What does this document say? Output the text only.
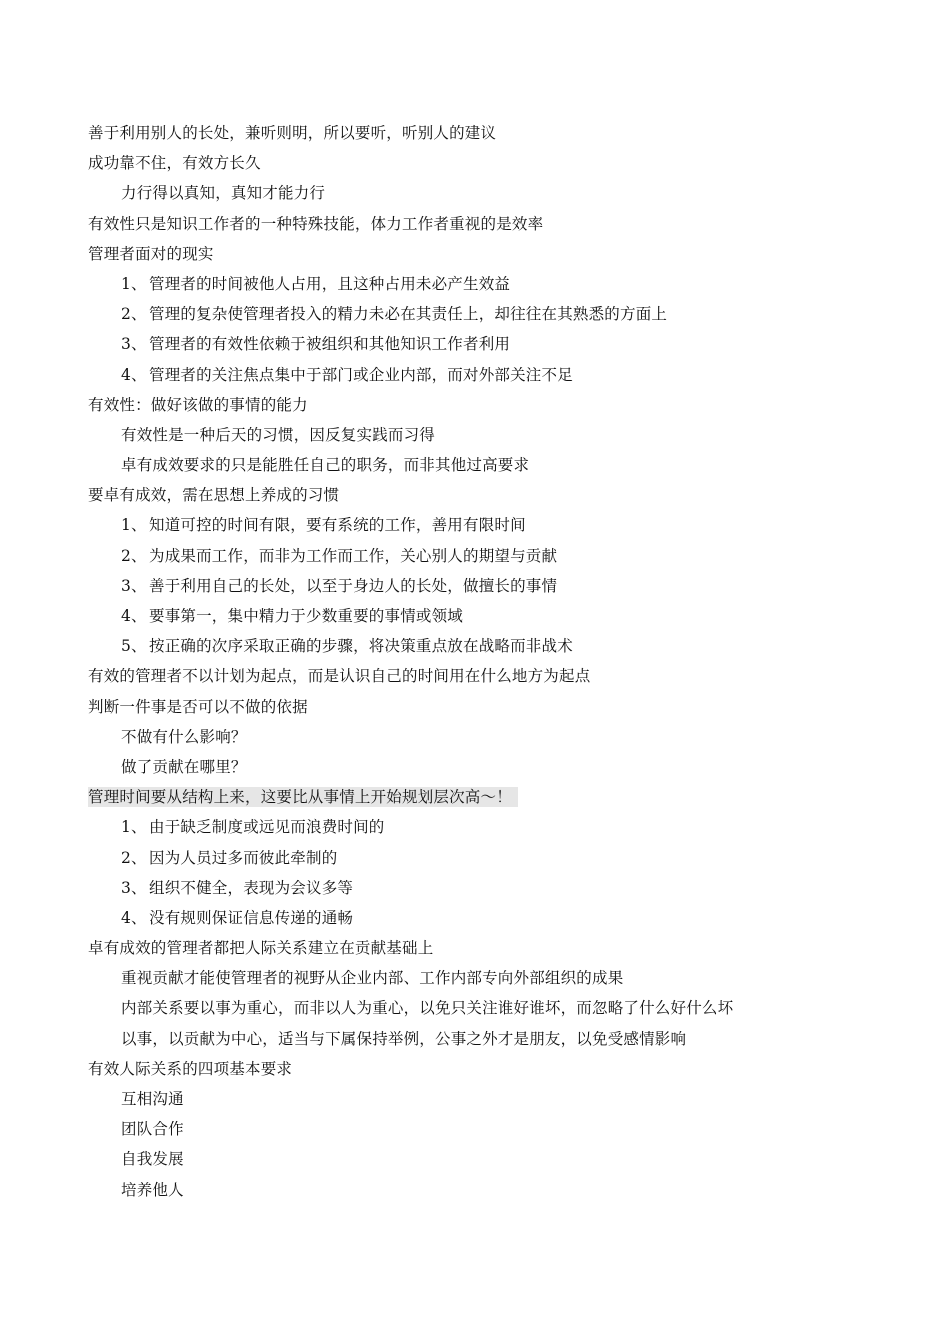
善于利用别人的长处，兼听则明，所以要听，听别人的建议
成功靠不住，有效方长久
力行得以真知，真知才能力行
有效性只是知识工作者的一种特殊技能，体力工作者重视的是效率
管理者面对的现实
1、 管理者的时间被他人占用，且这种占用未必产生效益
2、 管理的复杂使管理者投入的精力未必在其责任上，却往往在其熟悉的方面上
3、 管理者的有效性依赖于被组织和其他知识工作者利用
4、 管理者的关注焦点集中于部门或企业内部，而对外部关注不足
有效性：做好该做的事情的能力
有效性是一种后天的习惯，因反复实践而习得
卓有成效要求的只是能胜任自己的职务，而非其他过高要求
要卓有成效，需在思想上养成的习惯
1、 知道可控的时间有限，要有系统的工作，善用有限时间
2、 为成果而工作，而非为工作而工作，关心别人的期望与贡献
3、 善于利用自己的长处，以至于身边人的长处，做擅长的事情
4、 要事第一，集中精力于少数重要的事情或领域
5、 按正确的次序采取正确的步骤，将决策重点放在战略而非战术
有效的管理者不以计划为起点，而是认识自己的时间用在什么地方为起点
判断一件事是否可以不做的依据
不做有什么影响？
做了贡献在哪里？
管理时间要从结构上来，这要比从事情上开始规划层次高～！
1、 由于缺乏制度或远见而浪费时间的
2、 因为人员过多而彼此牵制的
3、 组织不健全，表现为会议多等
4、 没有规则保证信息传递的通畅
卓有成效的管理者都把人际关系建立在贡献基础上
重视贡献才能使管理者的视野从企业内部、工作内部专向外部组织的成果
内部关系要以事为重心，而非以人为重心，以免只关注谁好谁坏，而忽略了什么好什么坏
以事，以贡献为中心，适当与下属保持举例，公事之外才是朋友，以免受感情影响
有效人际关系的四项基本要求
互相沟通
团队合作
自我发展
培养他人
